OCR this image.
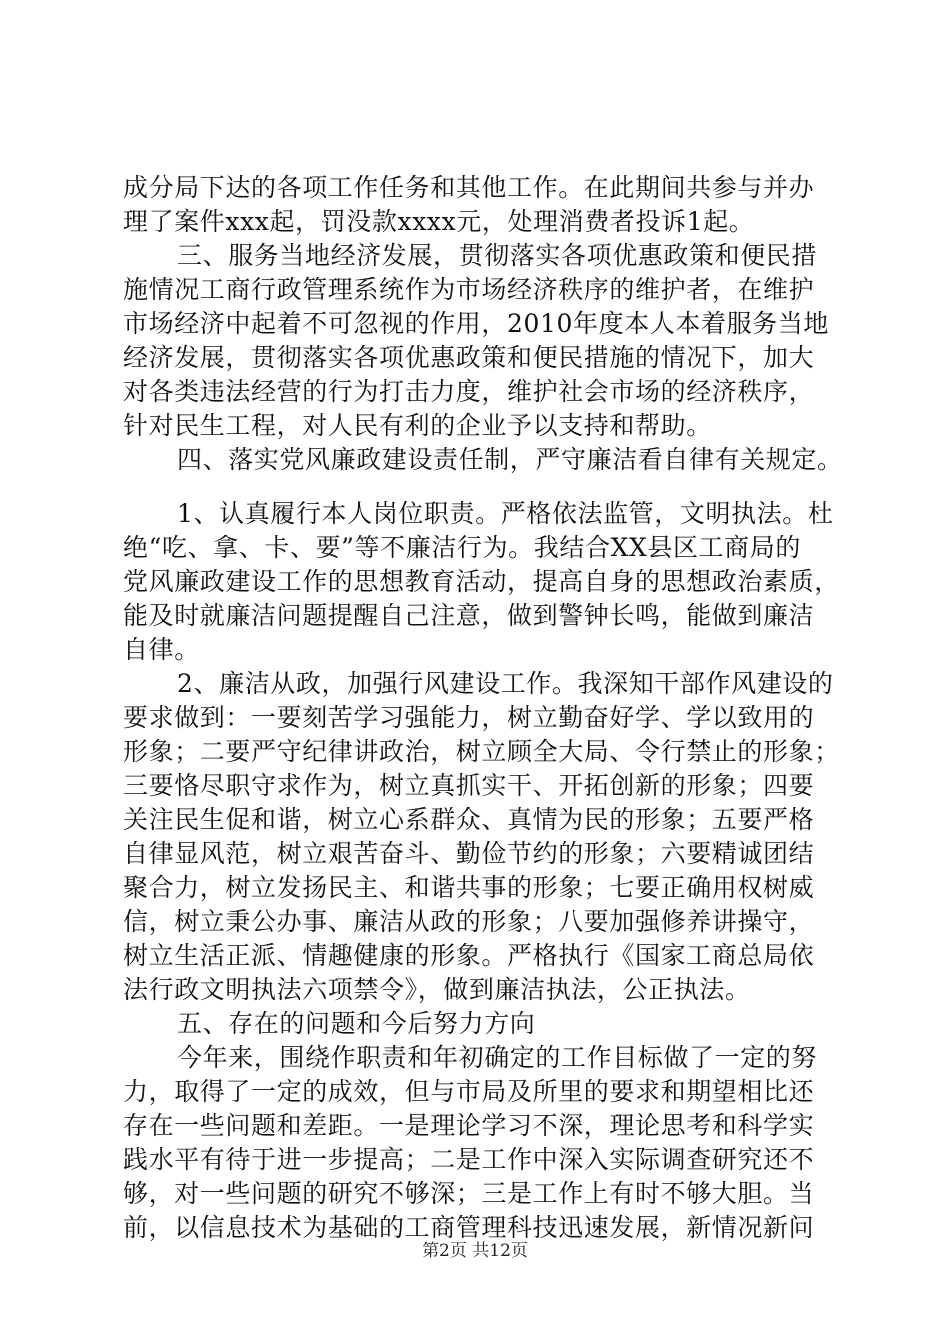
成分局下达的各项工作任务和其他工作。在此期间共参与并办
理了案件xxx起，罚没款xxxx元，处理消费者投诉1起。
三、服务当地经济发展，贯彻落实各项优惠政策和便民措
施情况工商行政管理系统作为市场经济秩序的维护者，在维护
市场经济中起着不可忽视的作用，2010年度本人本着服务当地
经济发展，贯彻落实各项优惠政策和便民措施的情况下，加大
对各类违法经营的行为打击力度，维护社会市场的经济秩序，
针对民生工程，对人民有利的企业予以支持和帮助。
四、落实党风廉政建设责任制，严守廉洁看自律有关规定。
1、认真履行本人岗位职责。严格依法监管，文明执法。杜
绝“吃、拿、卡、要”等不廉洁行为。我结合XX县区工商局的
党风廉政建设工作的思想教育活动，提高自身的思想政治素质，
能及时就廉洁问题提醒自己注意，做到警钟长鸣，能做到廉洁
自律。
2、廉洁从政，加强行风建设工作。我深知干部作风建设的
要求做到：一要刻苦学习强能力，树立勤奋好学、学以致用的
形象；二要严守纪律讲政治，树立顾全大局、令行禁止的形象；
三要恪尽职守求作为，树立真抓实干、开拓创新的形象；四要
关注民生促和谐，树立心系群众、真情为民的形象；五要严格
自律显风范，树立艰苦奋斗、勤俭节约的形象；六要精诚团结
聚合力，树立发扬民主、和谐共事的形象；七要正确用权树威
信，树立秉公办事、廉洁从政的形象；八要加强修养讲操守，
树立生活正派、情趣健康的形象。严格执行《国家工商总局依
法行政文明执法六项禁令》，做到廉洁执法，公正执法。
五、存在的问题和今后努力方向
今年来，围绕作职责和年初确定的工作目标做了一定的努
力，取得了一定的成效，但与市局及所里的要求和期望相比还
存在一些问题和差距。一是理论学习不深，理论思考和科学实
践水平有待于进一步提高；二是工作中深入实际调查研究还不
够，对一些问题的研究不够深；三是工作上有时不够大胆。当
前，以信息技术为基础的工商管理科技迅速发展，新情况新问
第2页 共12页
